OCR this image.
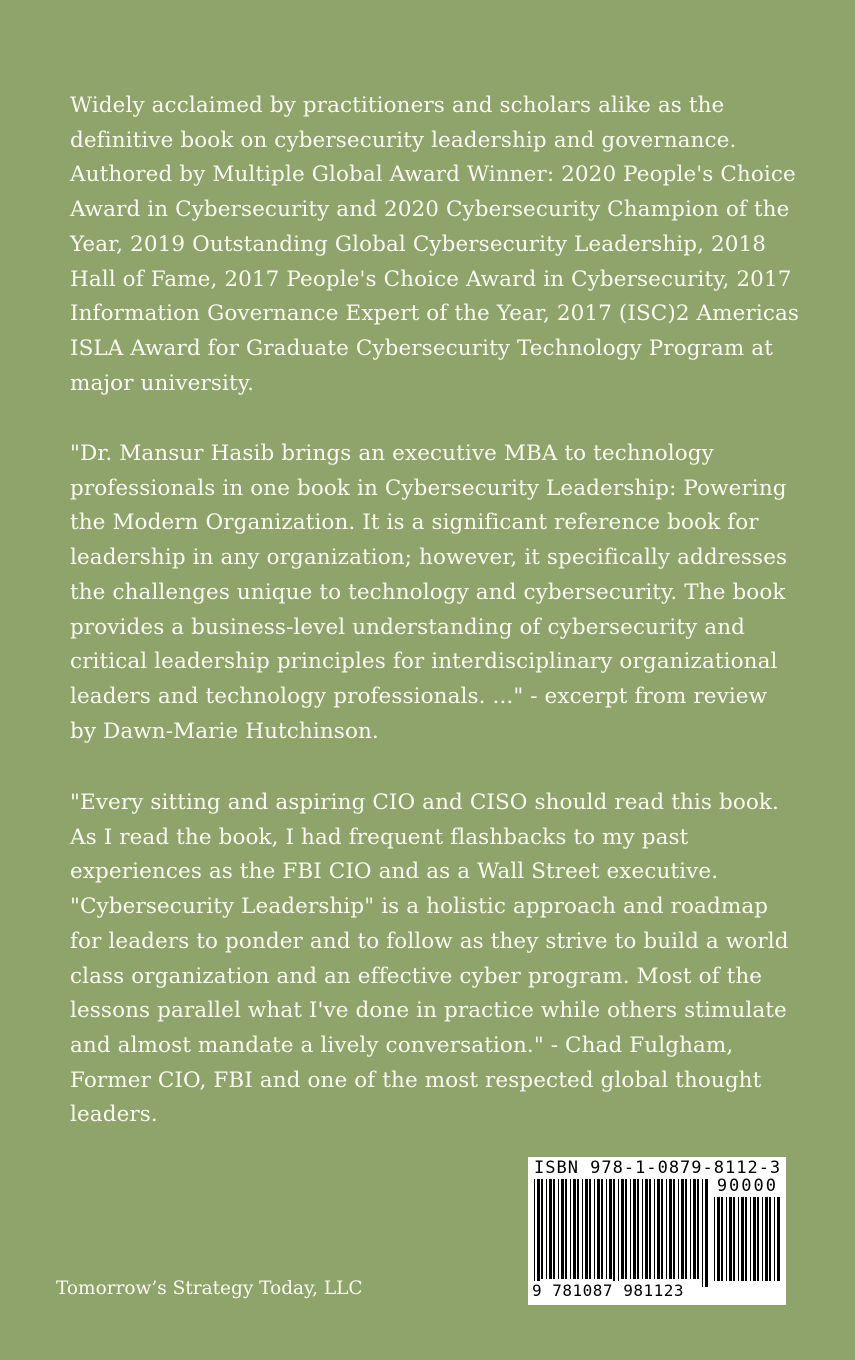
Widely acclaimed by practitioners and scholars alike as the definitive book on cybersecurity leadership and governance. Authored by Multiple Global Award Winner: 2020 People's Choice Award in Cybersecurity and 2020 Cybersecurity Champion of the Year, 2019 Outstanding Global Cybersecurity Leadership, 2018 Hall of Fame, 2017 People's Choice Award in Cybersecurity, 2017 Information Governance Expert of the Year, 2017 (ISC)2 Americas ISLA Award for Graduate Cybersecurity Technology Program at major university.

"Dr. Mansur Hasib brings an executive MBA to technology professionals in one book in Cybersecurity Leadership: Powering the Modern Organization. It is a significant reference book for leadership in any organization; however, it specifically addresses the challenges unique to technology and cybersecurity. The book provides a business-level understanding of cybersecurity and critical leadership principles for interdisciplinary organizational leaders and technology professionals. ..." - excerpt from review by Dawn-Marie Hutchinson.

"Every sitting and aspiring CIO and CISO should read this book. As I read the book, I had frequent flashbacks to my past experiences as the FBI CIO and as a Wall Street executive. "Cybersecurity Leadership" is a holistic approach and roadmap for leaders to ponder and to follow as they strive to build a world class organization and an effective cyber program. Most of the lessons parallel what I've done in practice while others stimulate and almost mandate a lively conversation." - Chad Fulgham, Former CIO, FBI and one of the most respected global thought leaders.

Tomorrow’s Strategy Today, LLC

ISBN 978-1-0879-8112-3
90000
9 781087 981123
